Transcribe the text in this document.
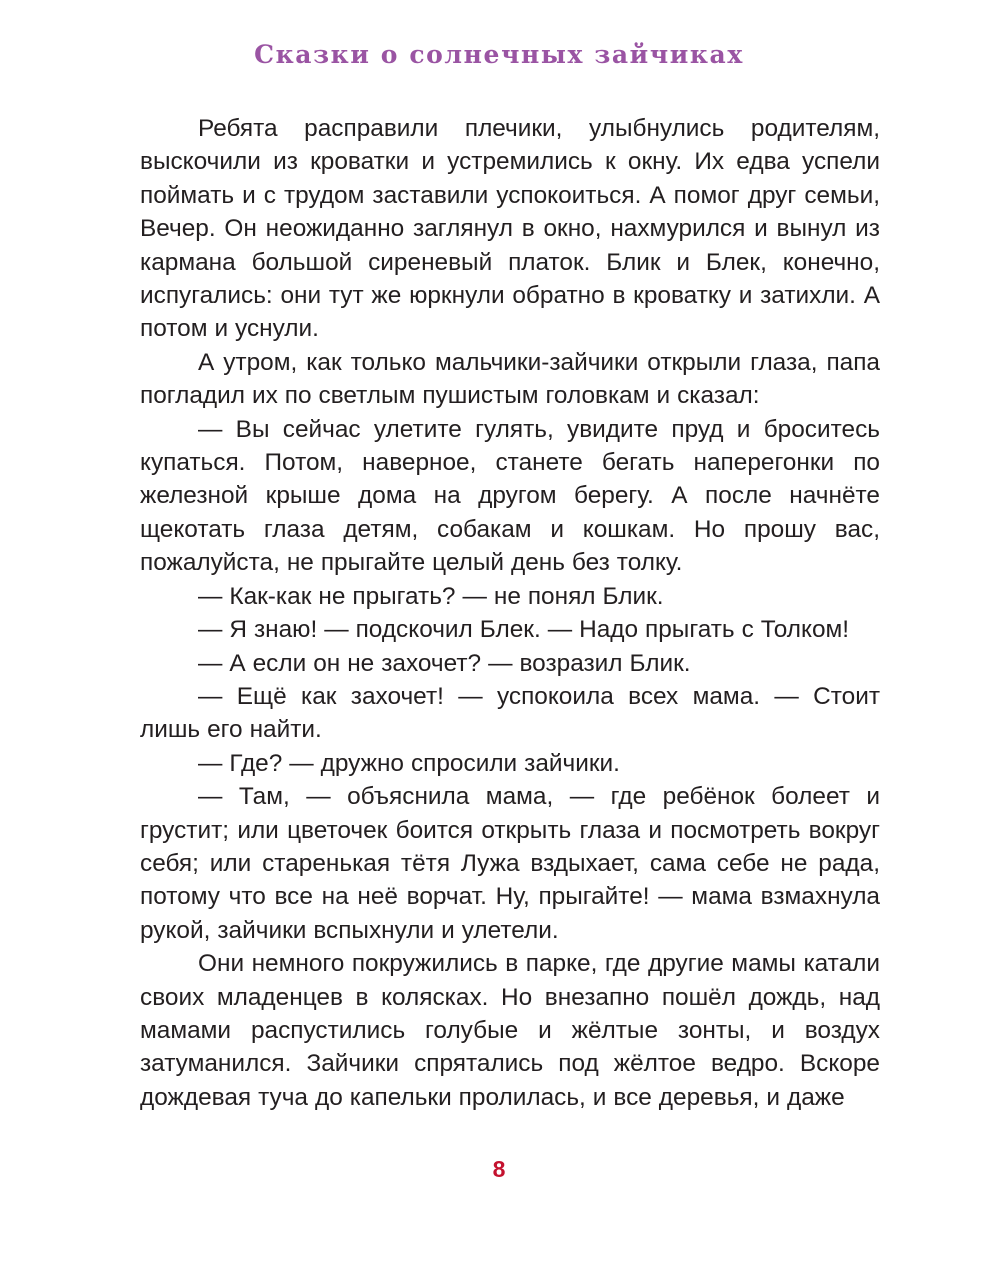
Сказки о солнечных зайчиках

Ребята расправили плечики, улыбнулись родителям, выскочили из кроватки и устремились к окну. Их едва успели поймать и с трудом заставили успокоиться. А помог друг семьи, Вечер. Он неожиданно заглянул в окно, нахмурился и вынул из кармана большой сиреневый платок. Блик и Блек, конечно, испугались: они тут же юркнули обратно в кроватку и затихли. А потом и уснули.

А утром, как только мальчики-зайчики открыли глаза, папа погладил их по светлым пушистым головкам и сказал:

— Вы сейчас улетите гулять, увидите пруд и броситесь купаться. Потом, наверное, станете бегать наперегонки по железной крыше дома на другом берегу. А после начнёте щекотать глаза детям, собакам и кошкам. Но прошу вас, пожалуйста, не прыгайте целый день без толку.

— Как-как не прыгать? — не понял Блик.

— Я знаю! — подскочил Блек. — Надо прыгать с Толком!

— А если он не захочет? — возразил Блик.

— Ещё как захочет! — успокоила всех мама. — Стоит лишь его найти.

— Где? — дружно спросили зайчики.

— Там, — объяснила мама, — где ребёнок болеет и грустит; или цветочек боится открыть глаза и посмотреть вокруг себя; или старенькая тётя Лужа вздыхает, сама себе не рада, потому что все на неё ворчат. Ну, прыгайте! — мама взмахнула рукой, зайчики вспыхнули и улетели.

Они немного покружились в парке, где другие мамы катали своих младенцев в колясках. Но внезапно пошёл дождь, над мамами распустились голубые и жёлтые зонты, и воздух затуманился. Зайчики спрятались под жёлтое ведро. Вскоре дождевая туча до капельки пролилась, и все деревья, и даже

8
